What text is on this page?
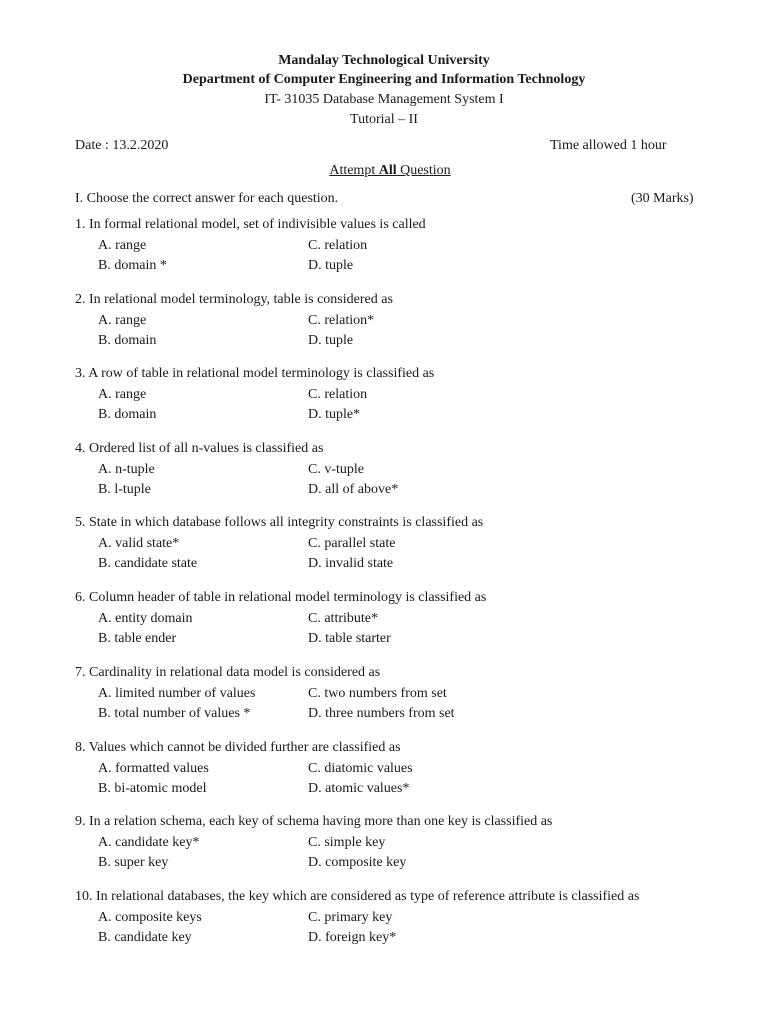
Mandalay Technological University
Department of Computer Engineering and Information Technology
IT- 31035 Database Management System I
Tutorial – II
Date : 13.2.2020	Time allowed 1 hour
Attempt All Question
I. Choose the correct answer for each question.	(30 Marks)
1. In formal relational model, set of indivisible values is called
A. range	C. relation
B. domain *	D. tuple
2. In relational model terminology, table is considered as
A. range	C. relation*
B. domain	D. tuple
3. A row of table in relational model terminology is classified as
A. range	C. relation
B. domain	D. tuple*
4. Ordered list of all n-values is classified as
A. n-tuple	C. v-tuple
B. l-tuple	D. all of above*
5. State in which database follows all integrity constraints is classified as
A. valid state*	C. parallel state
B. candidate state	D. invalid state
6. Column header of table in relational model terminology is classified as
A. entity domain	C. attribute*
B. table ender	D. table starter
7. Cardinality in relational data model is considered as
A. limited number of values	C. two numbers from set
B. total number of values *	D. three numbers from set
8. Values which cannot be divided further are classified as
A. formatted values	C. diatomic values
B. bi-atomic model	D. atomic values*
9. In a relation schema, each key of schema having more than one key is classified as
A. candidate key*	C. simple key
B. super key	D. composite key
10. In relational databases, the key which are considered as type of reference attribute is classified as
A. composite keys	C. primary key
B. candidate key	D. foreign key*
